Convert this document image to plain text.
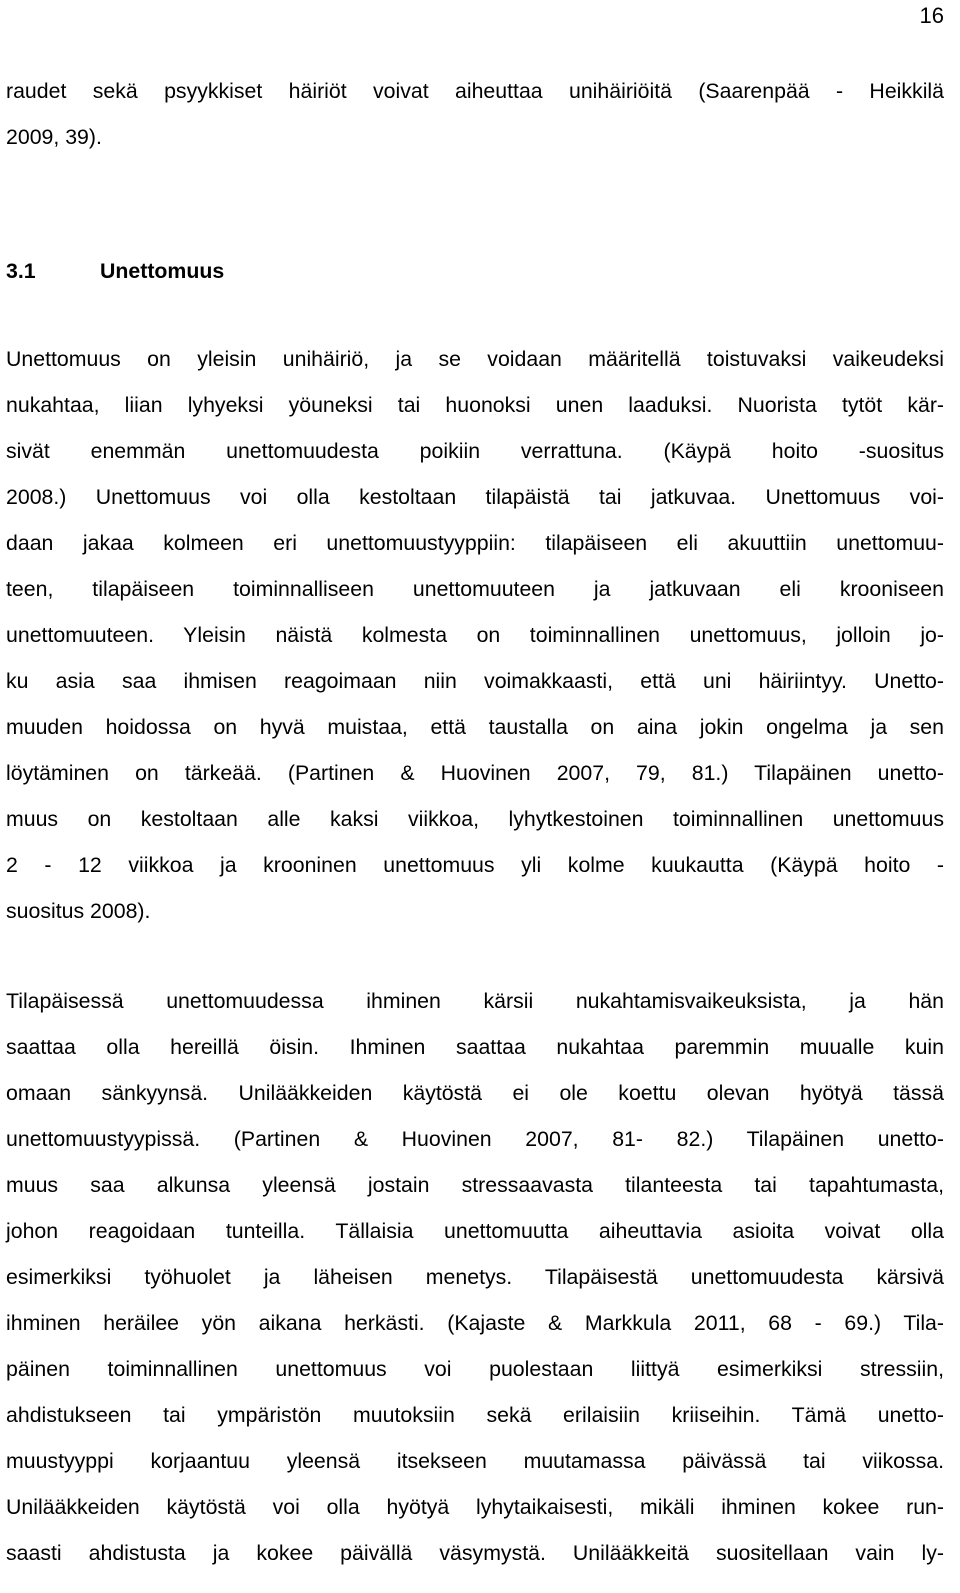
16
raudet sekä psyykkiset häiriöt voivat aiheuttaa unihäiriöitä (Saarenpää - Heikkilä
2009, 39).
3.1	Unettomuus
Unettomuus on yleisin unihäiriö, ja se voidaan määritellä toistuvaksi vaikeudeksi
nukahtaa, liian lyhyeksi yöuneksi tai huonoksi unen laaduksi. Nuorista tytöt kär-
sivät enemmän unettomuudesta poikiin verrattuna. (Käypä hoito -suositus
2008.) Unettomuus voi olla kestoltaan tilapäistä tai jatkuvaa. Unettomuus voi-
daan jakaa kolmeen eri unettomuustyyppiin: tilapäiseen eli akuuttiin unettomuu-
teen, tilapäiseen toiminnalliseen unettomuuteen ja jatkuvaan eli krooniseen
unettomuuteen. Yleisin näistä kolmesta on toiminnallinen unettomuus, jolloin jo-
ku asia saa ihmisen reagoimaan niin voimakkaasti, että uni häiriintyy. Unetto-
muuden hoidossa on hyvä muistaa, että taustalla on aina jokin ongelma ja sen
löytäminen on tärkeää. (Partinen & Huovinen 2007, 79, 81.) Tilapäinen unetto-
muus on kestoltaan alle kaksi viikkoa, lyhytkestoinen toiminnallinen unettomuus
2 - 12 viikkoa ja krooninen unettomuus yli kolme kuukautta (Käypä hoito -
suositus 2008).
Tilapäisessä unettomuudessa ihminen kärsii nukahtamisvaikeuksista, ja hän
saattaa olla hereillä öisin. Ihminen saattaa nukahtaa paremmin muualle kuin
omaan sänkyynsä. Unilääkkeiden käytöstä ei ole koettu olevan hyötyä tässä
unettomuustyypissä. (Partinen & Huovinen 2007, 81- 82.) Tilapäinen unetto-
muus saa alkunsa yleensä jostain stressaavasta tilanteesta tai tapahtumasta,
johon reagoidaan tunteilla. Tällaisia unettomuutta aiheuttavia asioita voivat olla
esimerkiksi työhuolet ja läheisen menetys. Tilapäisestä unettomuudesta kärsivä
ihminen heräilee yön aikana herkästi. (Kajaste & Markkula 2011, 68 - 69.) Tila-
päinen toiminnallinen unettomuus voi puolestaan liittyä esimerkiksi stressiin,
ahdistukseen tai ympäristön muutoksiin sekä erilaisiin kriiseihin. Tämä unetto-
muustyyppi korjaantuu yleensä itsekseen muutamassa päivässä tai viikossa.
Unilääkkeiden käytöstä voi olla hyötyä lyhytaikaisesti, mikäli ihminen kokee run-
saasti ahdistusta ja kokee päivällä väsymystä. Unilääkkeitä suositellaan vain ly-
